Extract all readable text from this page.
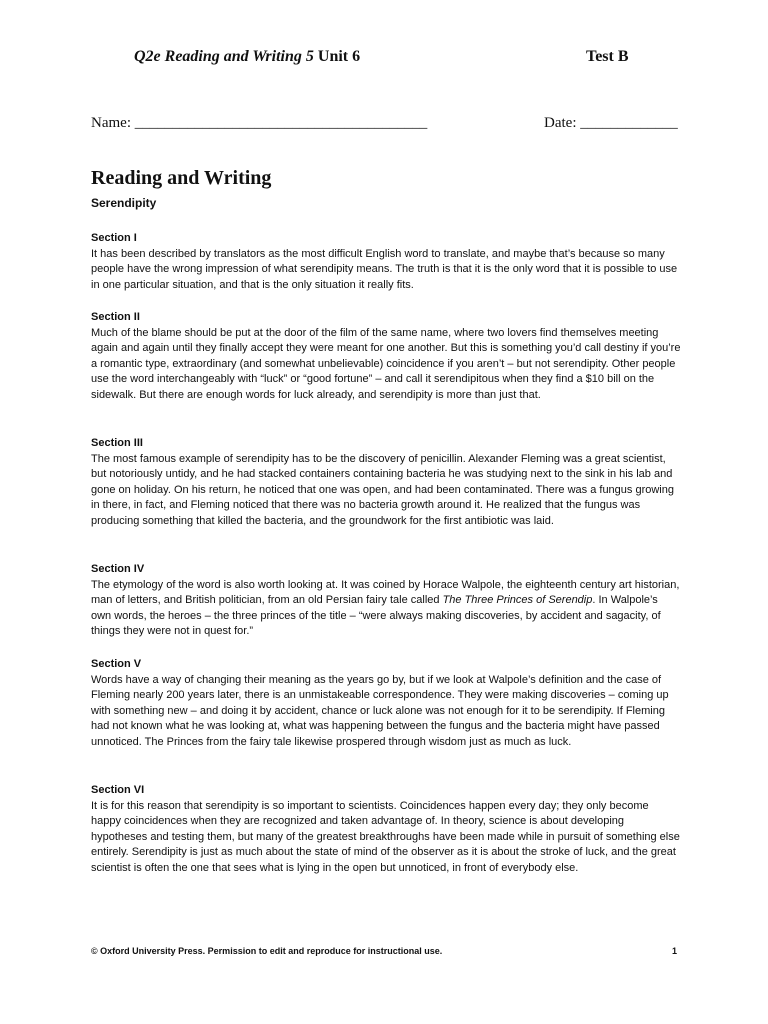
Q2e Reading and Writing 5 Unit 6	Test B
Name: _______________________________________	Date: _____________
Reading and Writing
Serendipity
Section I

It has been described by translators as the most difficult English word to translate, and maybe that’s because so many people have the wrong impression of what serendipity means. The truth is that it is the only word that it is possible to use in one particular situation, and that is the only situation it really fits.

Section II

Much of the blame should be put at the door of the film of the same name, where two lovers find themselves meeting again and again until they finally accept they were meant for one another. But this is something you’d call destiny if you’re a romantic type, extraordinary (and somewhat unbelievable) coincidence if you aren’t – but not serendipity. Other people use the word interchangeably with “luck” or “good fortune” – and call it serendipitous when they find a $10 bill on the sidewalk. But there are enough words for luck already, and serendipity is more than just that.

Section III

The most famous example of serendipity has to be the discovery of penicillin. Alexander Fleming was a great scientist, but notoriously untidy, and he had stacked containers containing bacteria he was studying next to the sink in his lab and gone on holiday. On his return, he noticed that one was open, and had been contaminated. There was a fungus growing in there, in fact, and Fleming noticed that there was no bacteria growth around it. He realized that the fungus was producing something that killed the bacteria, and the groundwork for the first antibiotic was laid.

Section IV

The etymology of the word is also worth looking at. It was coined by Horace Walpole, the eighteenth century art historian, man of letters, and British politician, from an old Persian fairy tale called The Three Princes of Serendip. In Walpole’s own words, the heroes – the three princes of the title – “were always making discoveries, by accident and sagacity, of things they were not in quest for.”

Section V

Words have a way of changing their meaning as the years go by, but if we look at Walpole’s definition and the case of Fleming nearly 200 years later, there is an unmistakeable correspondence. They were making discoveries – coming up with something new – and doing it by accident, chance or luck alone was not enough for it to be serendipity. If Fleming had not known what he was looking at, what was happening between the fungus and the bacteria might have passed unnoticed. The Princes from the fairy tale likewise prospered through wisdom just as much as luck.

Section VI

It is for this reason that serendipity is so important to scientists. Coincidences happen every day; they only become happy coincidences when they are recognized and taken advantage of. In theory, science is about developing hypotheses and testing them, but many of the greatest breakthroughs have been made while in pursuit of something else entirely. Serendipity is just as much about the state of mind of the observer as it is about the stroke of luck, and the great scientist is often the one that sees what is lying in the open but unnoticed, in front of everybody else.

© Oxford University Press. Permission to edit and reproduce for instructional use.	1
